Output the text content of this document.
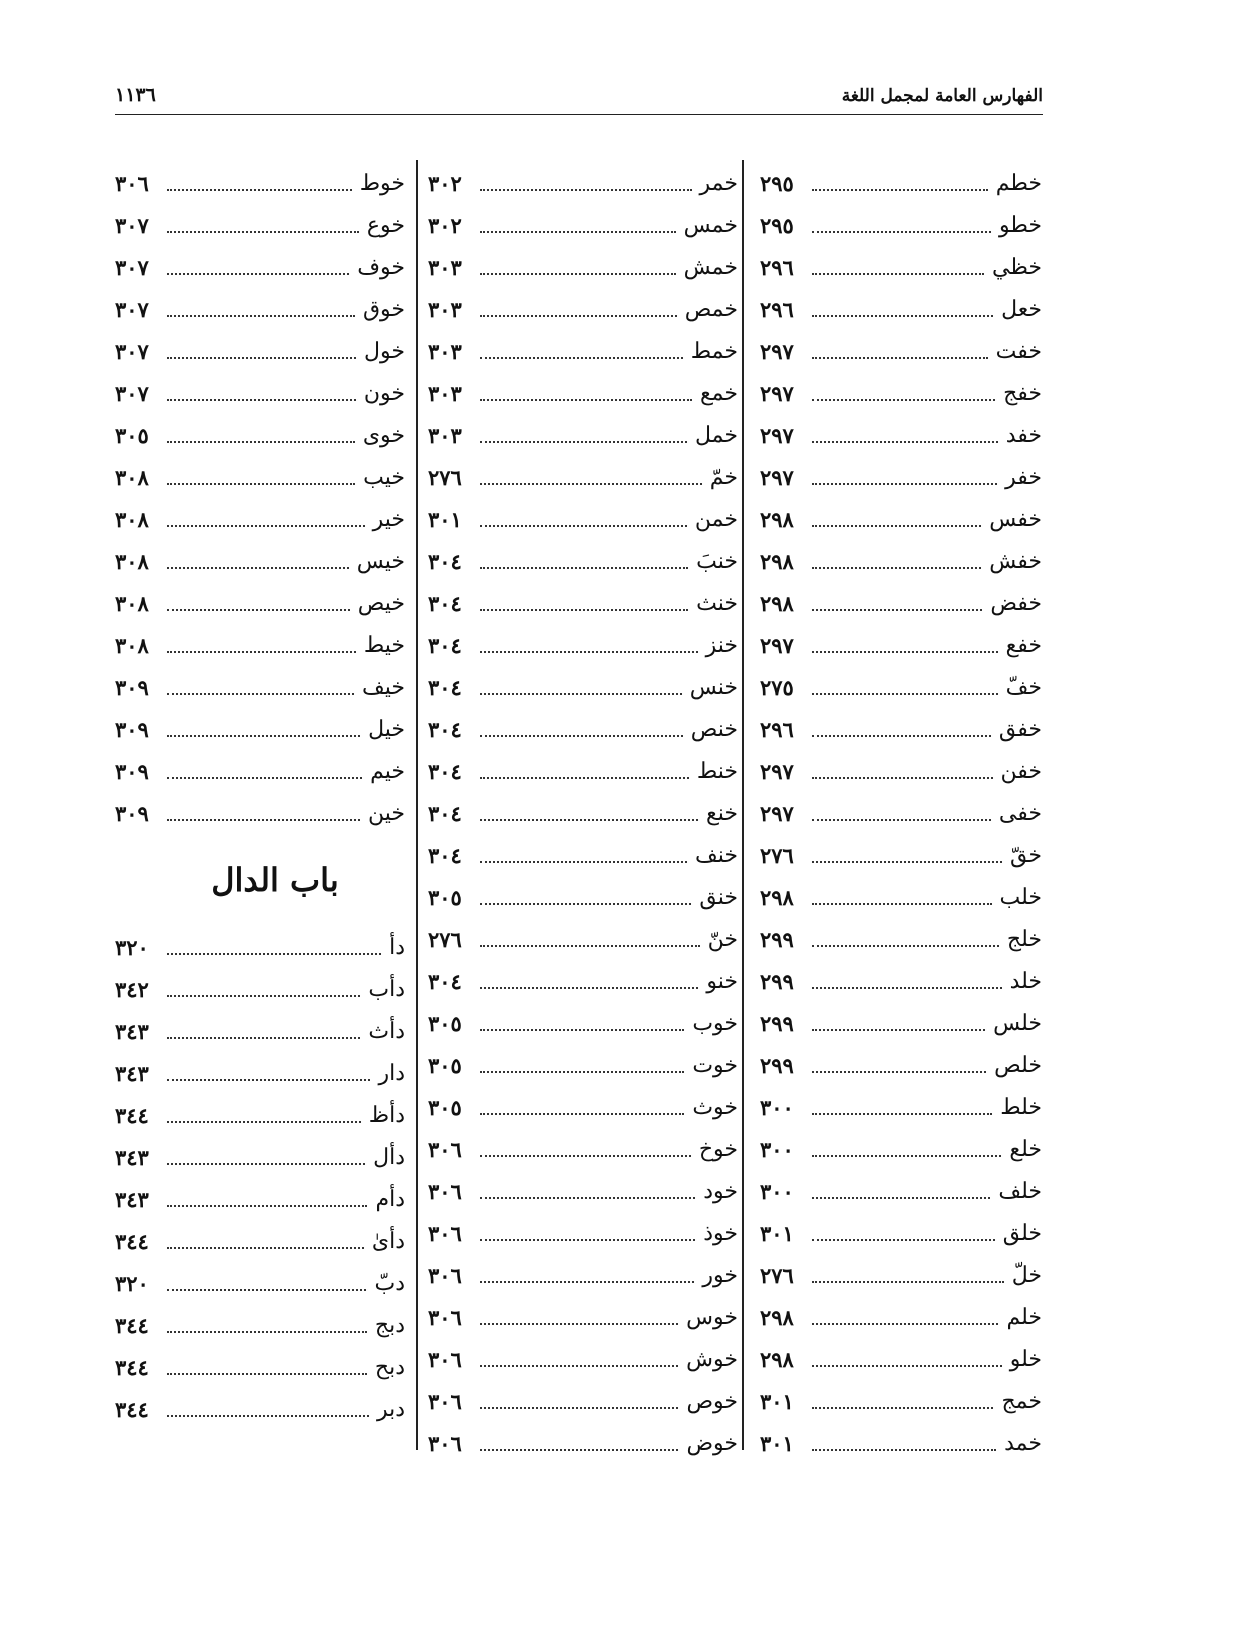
الفهارس العامة لمجمل اللغة
١١٣٦
خطم
٢٩٥
خطو
٢٩٥
خظي
٢٩٦
خعل
٢٩٦
خفت
٢٩٧
خفج
٢٩٧
خفد
٢٩٧
خفر
٢٩٧
خفس
٢٩٨
خفش
٢٩٨
خفض
٢٩٨
خفع
٢٩٧
خفّ
٢٧٥
خفق
٢٩٦
خفن
٢٩٧
خفى
٢٩٧
خقّ
٢٧٦
خلب
٢٩٨
خلج
٢٩٩
خلد
٢٩٩
خلس
٢٩٩
خلص
٢٩٩
خلط
٣٠٠
خلع
٣٠٠
خلف
٣٠٠
خلق
٣٠١
خلّ
٢٧٦
خلم
٢٩٨
خلو
٢٩٨
خمج
٣٠١
خمد
٣٠١
خمر
٣٠٢
خمس
٣٠٢
خمش
٣٠٣
خمص
٣٠٣
خمط
٣٠٣
خمع
٣٠٣
خمل
٣٠٣
خمّ
٢٧٦
خمن
٣٠١
خنبَ
٣٠٤
خنث
٣٠٤
خنز
٣٠٤
خنس
٣٠٤
خنص
٣٠٤
خنط
٣٠٤
خنع
٣٠٤
خنف
٣٠٤
خنق
٣٠٥
خنّ
٢٧٦
خنو
٣٠٤
خوب
٣٠٥
خوت
٣٠٥
خوث
٣٠٥
خوخ
٣٠٦
خود
٣٠٦
خوذ
٣٠٦
خور
٣٠٦
خوس
٣٠٦
خوش
٣٠٦
خوص
٣٠٦
خوض
٣٠٦
خوط
٣٠٦
خوع
٣٠٧
خوف
٣٠٧
خوق
٣٠٧
خول
٣٠٧
خون
٣٠٧
خوى
٣٠٥
خيب
٣٠٨
خير
٣٠٨
خيس
٣٠٨
خيص
٣٠٨
خيط
٣٠٨
خيف
٣٠٩
خيل
٣٠٩
خيم
٣٠٩
خين
٣٠٩
باب الدال
دأ
٣٢٠
دأب
٣٤٢
دأث
٣٤٣
دار
٣٤٣
دأظ
٣٤٤
دأل
٣٤٣
دأم
٣٤٣
دأىٰ
٣٤٤
دبّ
٣٢٠
دبج
٣٤٤
دبح
٣٤٤
دبر
٣٤٤
